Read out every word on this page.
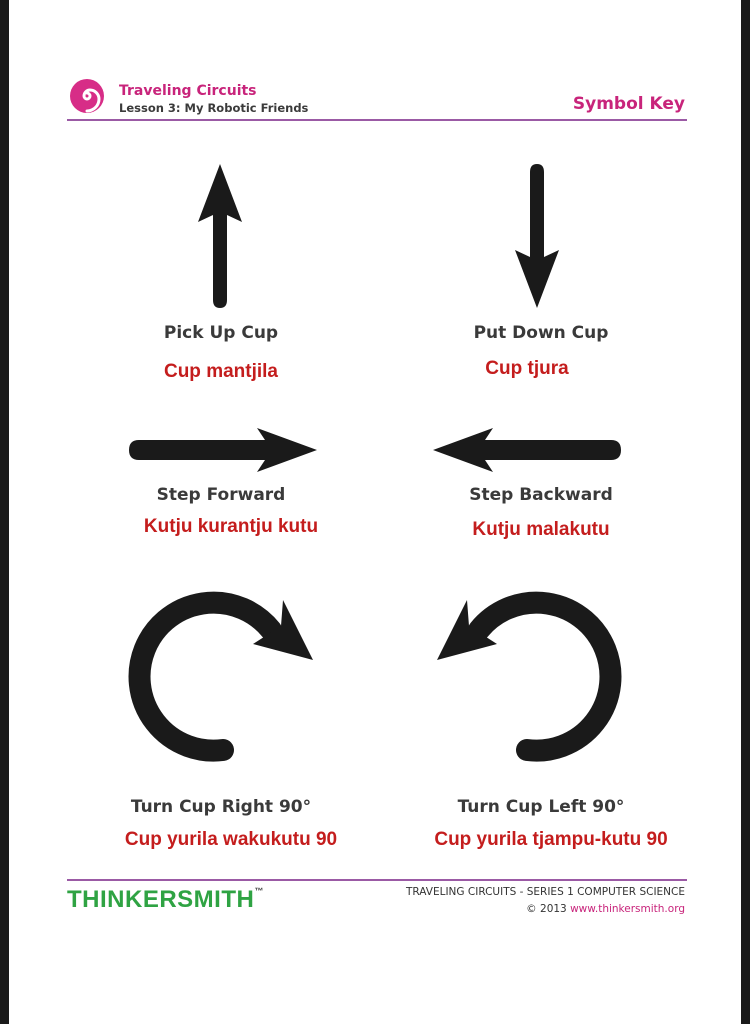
Traveling Circuits
Lesson 3: My Robotic Friends	Symbol Key
Pick Up Cup	Put Down Cup
Cup mantjila	Cup tjura
Step Forward	Step Backward
Kutju kurantju kutu	Kutju malakutu
Turn Cup Right 90°	Turn Cup Left 90°
Cup yurila wakukutu 90	Cup yurila tjampu-kutu 90
THINKERSMITH™	TRAVELING CIRCUITS - SERIES 1 COMPUTER SCIENCE
© 2013 www.thinkersmith.org
